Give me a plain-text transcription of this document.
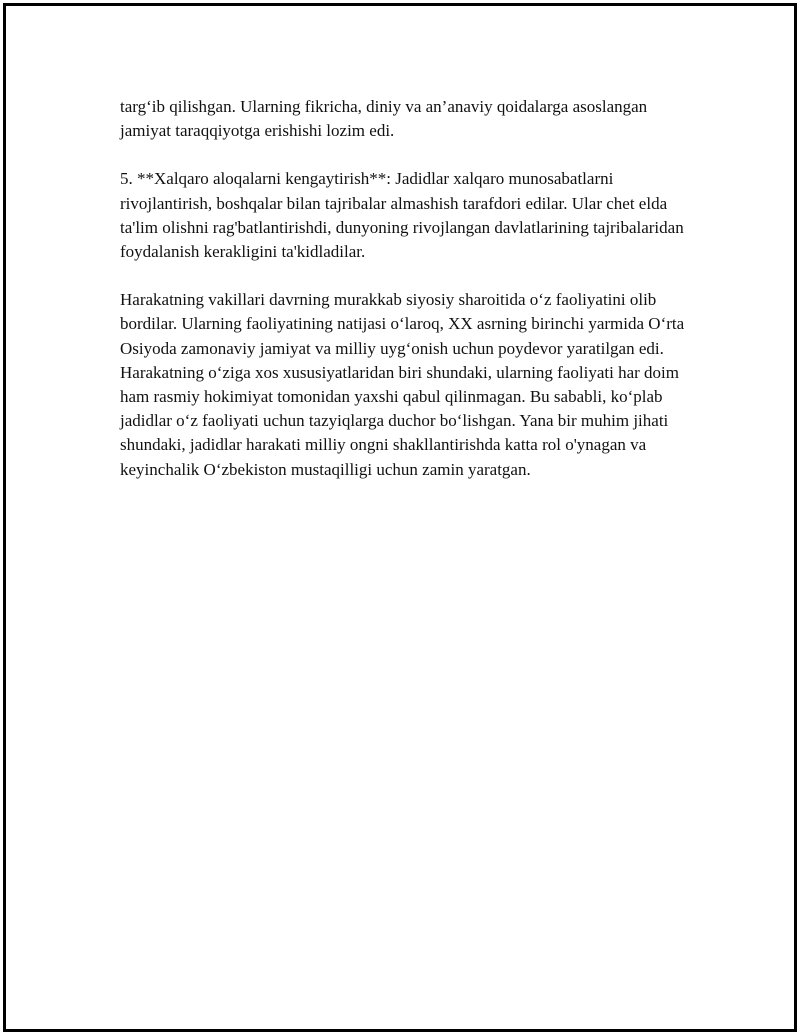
targ‘ib qilishgan. Ularning fikricha, diniy va an’anaviy qoidalarga asoslangan jamiyat taraqqiyotga erishishi lozim edi.

5. **Xalqaro aloqalarni kengaytirish**: Jadidlar xalqaro munosabatlarni rivojlantirish, boshqalar bilan tajribalar almashish tarafdori edilar. Ular chet elda ta'lim olishni rag'batlantirishdi, dunyoning rivojlangan davlatlarining tajribalaridan foydalanish kerakligini ta'kidladilar.

Harakatning vakillari davrning murakkab siyosiy sharoitida o‘z faoliyatini olib bordilar. Ularning faoliyatining natijasi o‘laroq, XX asrning birinchi yarmida O‘rta Osiyoda zamonaviy jamiyat va milliy uyg‘onish uchun poydevor yaratilgan edi. Harakatning o‘ziga xos xususiyatlaridan biri shundaki, ularning faoliyati har doim ham rasmiy hokimiyat tomonidan yaxshi qabul qilinmagan. Bu sababli, ko‘plab jadidlar o‘z faoliyati uchun tazyiqlarga duchor bo‘lishgan. Yana bir muhim jihati shundaki, jadidlar harakati milliy ongni shakllantirishda katta rol o'ynagan va keyinchalik O‘zbekiston mustaqilligi uchun zamin yaratgan.
